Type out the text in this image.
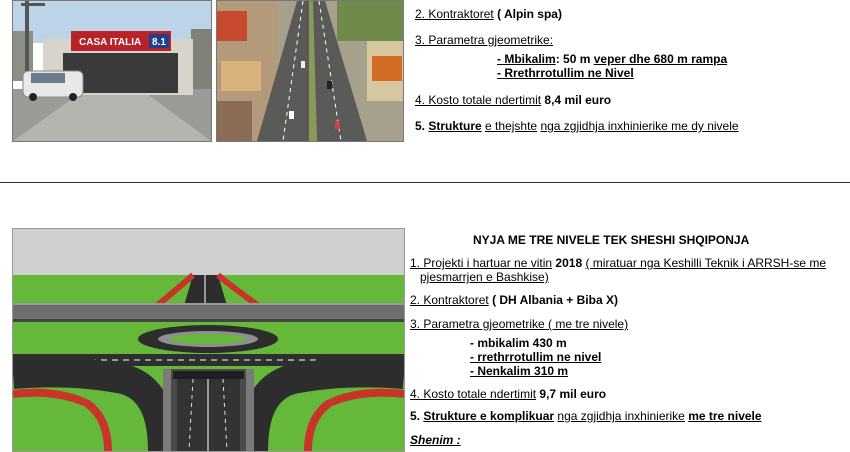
CASA ITALIA 8.1
2. Kontraktoret ( Alpin spa)
3. Parametra gjeometrike:
- Mbikalim: 50 m veper dhe 680 m rampa
- Rrethrrotullim ne Nivel
4. Kosto totale ndertimit 8,4 mil euro
5. Strukture e thejshte nga zgjidhja inxhinierike me dy nivele
NYJA ME TRE NIVELE TEK SHESHI SHQIPONJA
1. Projekti i hartuar ne vitin 2018 ( miratuar nga Keshilli Teknik i ARRSH-se me
pjesmarrjen e Bashkise)
2. Kontraktoret ( DH Albania + Biba X)
3. Parametra gjeometrike ( me tre nivele)
- mbikalim 430 m
- rrethrrotullim ne nivel
- Nenkalim 310 m
4. Kosto totale ndertimit 9,7 mil euro
5. Strukture e komplikuar nga zgjidhja inxhinierike me tre nivele
Shenim :
